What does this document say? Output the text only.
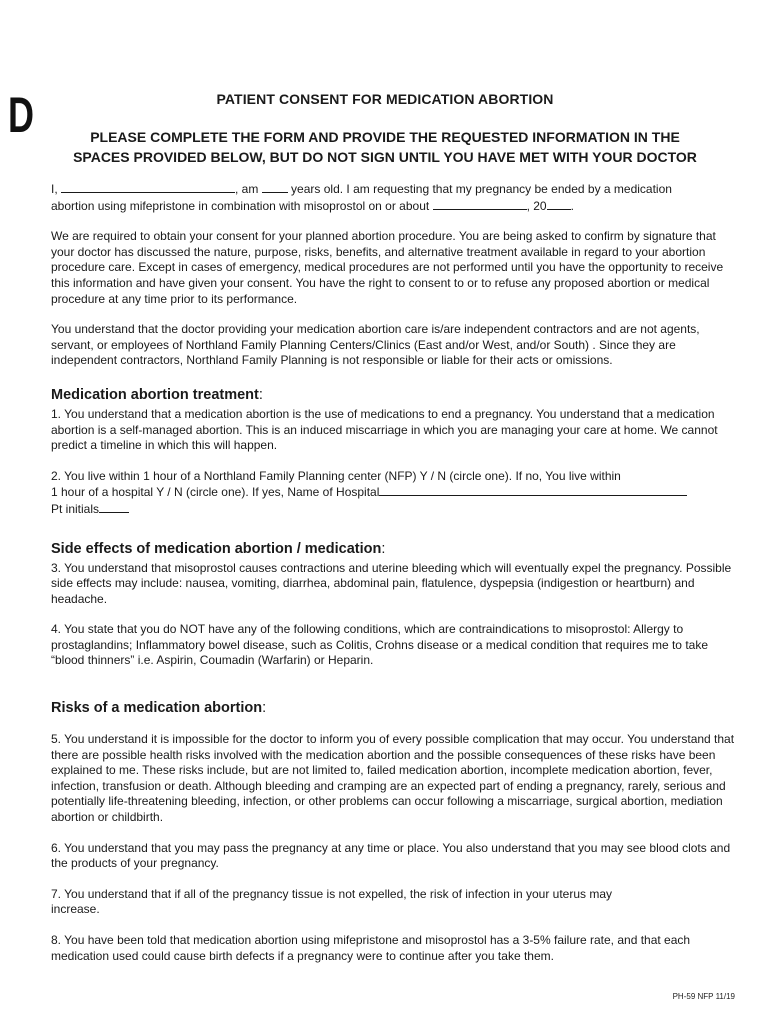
D	PATIENT CONSENT FOR MEDICATION ABORTION
PLEASE COMPLETE THE FORM AND PROVIDE THE REQUESTED INFORMATION IN THE
SPACES PROVIDED BELOW, BUT DO NOT SIGN UNTIL YOU HAVE MET WITH YOUR DOCTOR

I,	, am	years old. I am requesting that my pregnancy be ended by a medication
abortion using mifepristone in combination with misoprostol on or about	, 20 .

We are required to obtain your consent for your planned abortion procedure. You are being asked to confirm by signature that your doctor has discussed the nature, purpose, risks, benefits, and alternative treatment available in regard to your abortion procedure care. Except in cases of emergency, medical procedures are not performed until you have the opportunity to receive this information and have given your consent. You have the right to consent to or to refuse any proposed abortion or medical procedure at any time prior to its performance.

You understand that the doctor providing your medication abortion care is/are independent contractors and are not agents, servant, or employees of Northland Family Planning Centers/Clinics (East and/or West, and/or South) . Since they are independent contractors, Northland Family Planning is not responsible or liable for their acts or omissions.

Medication abortion treatment:

1. You understand that a medication abortion is the use of medications to end a pregnancy. You understand that a medication abortion is a self-managed abortion. This is an induced miscarriage in which you are managing your care at home. We cannot predict a timeline in which this will happen.

2. You live within 1 hour of a Northland Family Planning center (NFP) Y / N (circle one). If no, You live within
1 hour of a hospital Y / N (circle one). If yes, Name of Hospital
Pt initials

Side effects of medication abortion / medication:

3. You understand that misoprostol causes contractions and uterine bleeding which will eventually expel the pregnancy. Possible side effects may include: nausea, vomiting, diarrhea, abdominal pain, flatulence, dyspepsia (indigestion or heartburn) and headache.

4. You state that you do NOT have any of the following conditions, which are contraindications to misoprostol: Allergy to prostaglandins; Inflammatory bowel disease, such as Colitis, Crohns disease or a medical condition that requires me to take “blood thinners” i.e. Aspirin, Coumadin (Warfarin) or Heparin.

Risks of a medication abortion:

5. You understand it is impossible for the doctor to inform you of every possible complication that may occur. You understand that there are possible health risks involved with the medication abortion and the possible consequences of these risks have been explained to me. These risks include, but are not limited to, failed medication abortion, incomplete medication abortion, fever, infection, transfusion or death. Although bleeding and cramping are an expected part of ending a pregnancy, rarely, serious and potentially life-threatening bleeding, infection, or other problems can occur following a miscarriage, surgical abortion, mediation abortion or childbirth.

6. You understand that you may pass the pregnancy at any time or place. You also understand that you may see blood clots and the products of your pregnancy.

7. You understand that if all of the pregnancy tissue is not expelled, the risk of infection in your uterus may
increase.

8. You have been told that medication abortion using mifepristone and misoprostol has a 3-5% failure rate, and that each medication used could cause birth defects if a pregnancy were to continue after you take them.

PH-59 NFP 11/19
